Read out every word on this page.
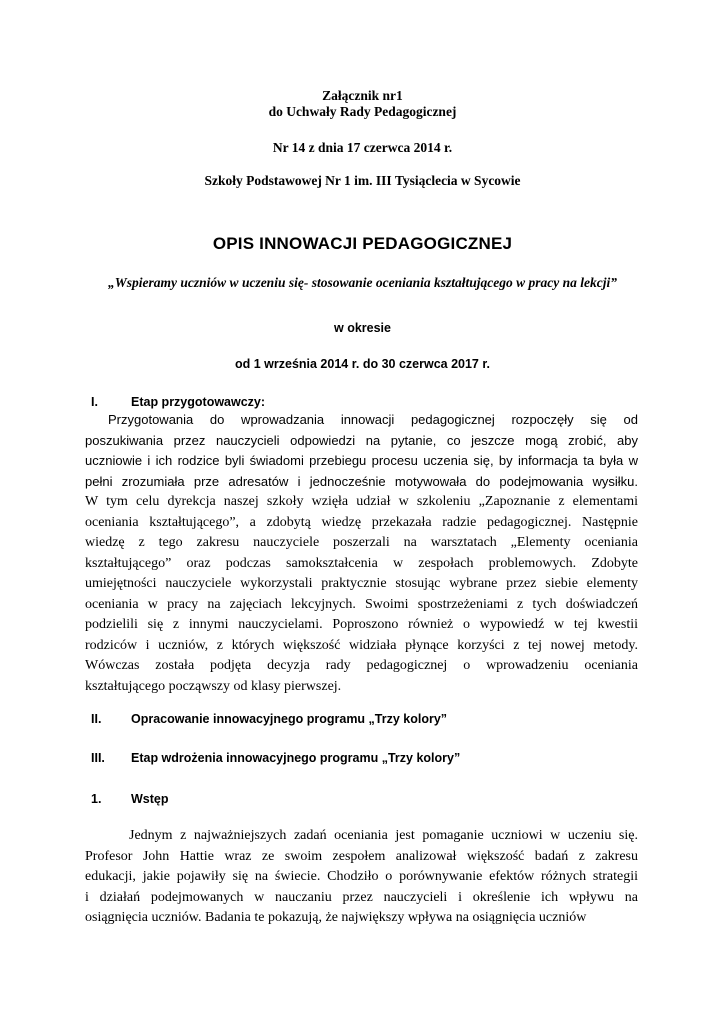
Załącznik nr1
do Uchwały Rady Pedagogicznej
Nr 14 z dnia 17 czerwca 2014 r.
Szkoły Podstawowej Nr 1 im. III Tysiąclecia w Sycowie
OPIS INNOWACJI PEDAGOGICZNEJ
„Wspieramy uczniów w uczeniu się- stosowanie oceniania kształtującego w pracy na lekcji”
w okresie
od 1 września 2014 r. do 30 czerwca 2017 r.
I.	Etap przygotowawczy:
Przygotowania do wprowadzania innowacji pedagogicznej rozpoczęły się od
poszukiwania przez nauczycieli odpowiedzi na pytanie, co jeszcze mogą zrobić, aby
uczniowie i ich rodzice byli świadomi przebiegu procesu uczenia się, by informacja ta była w
pełni zrozumiała prze adresatów i jednocześnie motywowała do podejmowania wysiłku.
W tym celu dyrekcja naszej szkoły wzięła udział w szkoleniu „Zapoznanie z elementami
oceniania kształtującego”, a zdobytą wiedzę przekazała radzie pedagogicznej. Następnie
wiedzę z tego zakresu nauczyciele poszerzali na warsztatach „Elementy oceniania
kształtującego” oraz podczas samokształcenia w zespołach problemowych. Zdobyte
umiejętności nauczyciele wykorzystali praktycznie stosując wybrane przez siebie elementy
oceniania w pracy na zajęciach lekcyjnych. Swoimi spostrzeżeniami z tych doświadczeń
podzielili się z innymi nauczycielami. Poproszono również o wypowiedź w tej kwestii
rodziców i uczniów, z których większość widziała płynące korzyści z tej nowej metody.
Wówczas została podjęta decyzja rady pedagogicznej o wprowadzeniu oceniania
kształtującego począwszy od klasy pierwszej.
II. Opracowanie innowacyjnego programu „Trzy kolory”
III. Etap wdrożenia innowacyjnego programu „Trzy kolory”
1. Wstęp
Jednym z najważniejszych zadań oceniania jest pomaganie uczniowi w uczeniu się.
Profesor John Hattie wraz ze swoim zespołem analizował większość badań z zakresu
edukacji, jakie pojawiły się na świecie. Chodziło o porównywanie efektów różnych strategii
i działań podejmowanych w nauczaniu przez nauczycieli i określenie ich wpływu na
osiągnięcia uczniów. Badania te pokazują, że największy wpływa na osiągnięcia uczniów
